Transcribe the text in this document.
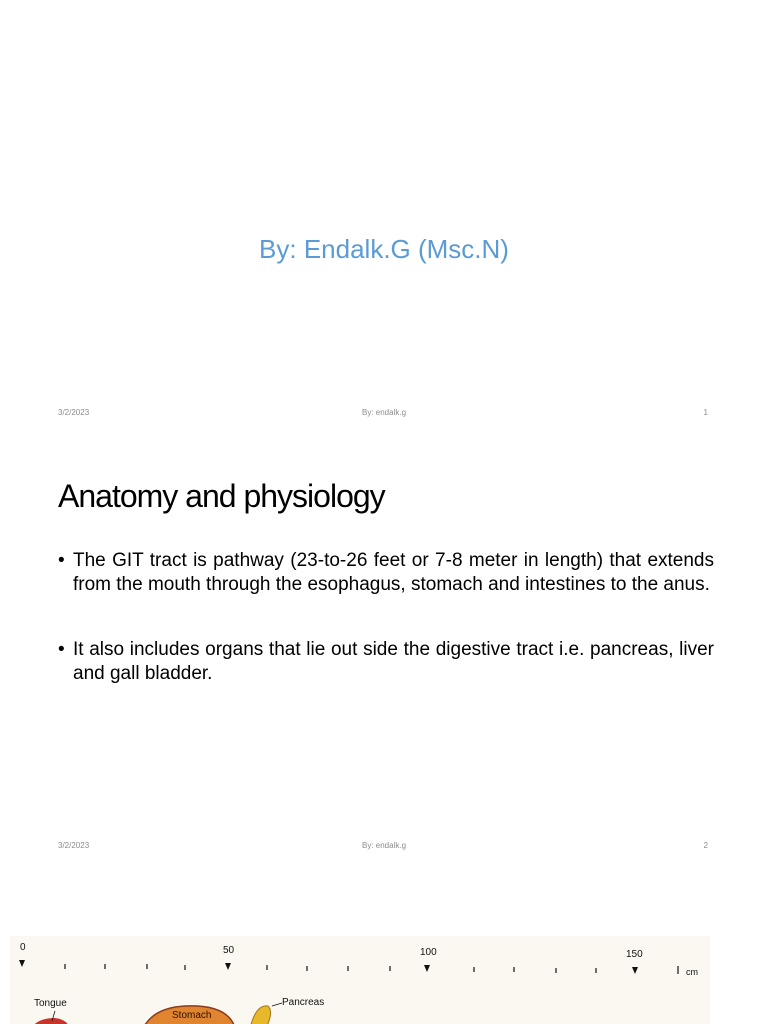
By: Endalk.G (Msc.N)
3/2/2023	By: endalk.g	1
Anatomy and physiology
• The GIT tract is pathway (23-to-26 feet or 7-8 meter in length) that extends from the mouth through the esophagus, stomach and intestines to the anus.
• It also includes organs that lie out side the digestive tract i.e. pancreas, liver and gall bladder.
3/2/2023	By: endalk.g	2
0	50	100	150
cm
Tongue
Stomach
Pancreas
